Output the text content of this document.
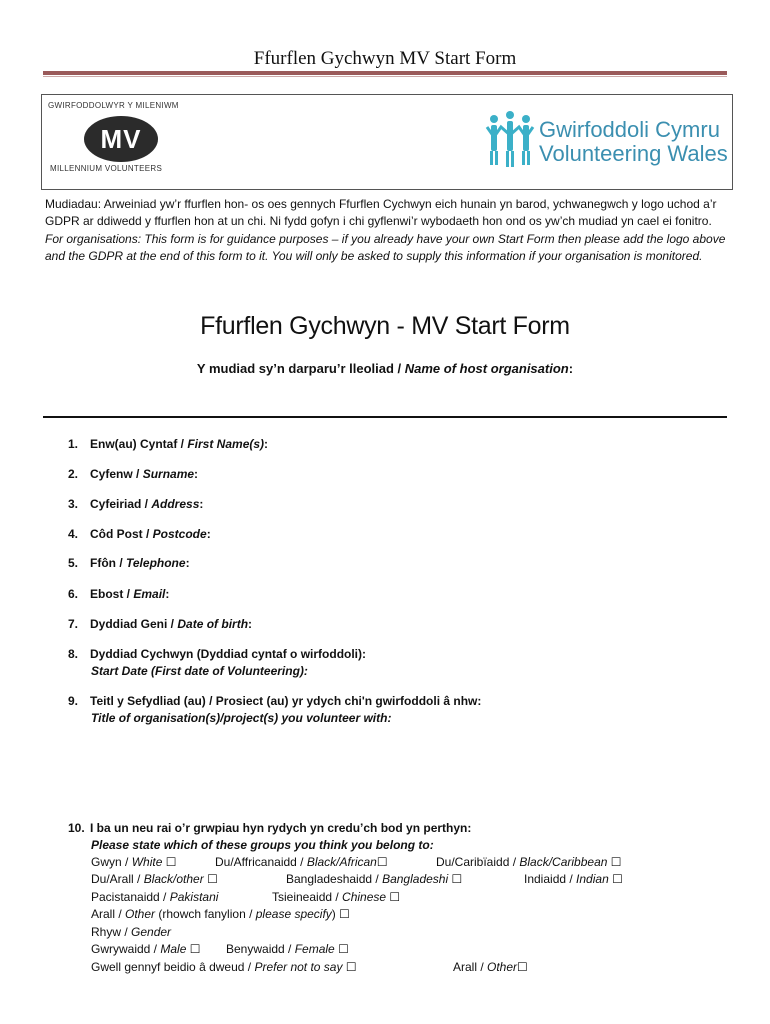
Ffurflen Gychwyn MV Start Form
GWIRFODDOLWYR Y MILENIWM
MV
MILLENNIUM VOLUNTEERS
Gwirfoddoli Cymru
Volunteering Wales
Mudiadau: Arweiniad yw’r ffurflen hon- os oes gennych Ffurflen Cychwyn eich hunain yn barod, ychwanegwch y logo uchod a’r GDPR ar ddiwedd y ffurflen hon at un chi. Ni fydd gofyn i chi gyflenwi’r wybodaeth hon ond os yw’ch mudiad yn cael ei fonitro.
For organisations: This form is for guidance purposes – if you already have your own Start Form then please add the logo above and the GDPR at the end of this form to it. You will only be asked to supply this information if your organisation is monitored.
Ffurflen Gychwyn - MV Start Form
Y mudiad sy’n darparu’r lleoliad / Name of host organisation:
1. Enw(au) Cyntaf / First Name(s):
2. Cyfenw / Surname:
3. Cyfeiriad / Address:
4. Côd Post / Postcode:
5. Ffôn / Telephone:
6. Ebost / Email:
7. Dyddiad Geni / Date of birth:
8. Dyddiad Cychwyn (Dyddiad cyntaf o wirfoddoli):
Start Date (First date of Volunteering):
9. Teitl y Sefydliad (au) / Prosiect (au) yr ydych chi'n gwirfoddoli â nhw:
Title of organisation(s)/project(s) you volunteer with:
10. I ba un neu rai o’r grwpiau hyn rydych yn credu’ch bod yn perthyn:
Please state which of these groups you think you belong to:
Gwyn / White ☐	Du/Affricanaidd / Black/African☐	Du/Caribïaidd / Black/Caribbean ☐
Du/Arall / Black/other ☐	Bangladeshaidd / Bangladeshi ☐	Indiaidd / Indian ☐
Pacistanaidd / Pakistani	Tsieineaidd / Chinese ☐
Arall / Other (rhowch fanylion / please specify) ☐
Rhyw / Gender
Gwrywaidd / Male ☐ Benywaidd / Female ☐
Gwell gennyf beidio â dweud / Prefer not to say ☐	Arall / Other☐
